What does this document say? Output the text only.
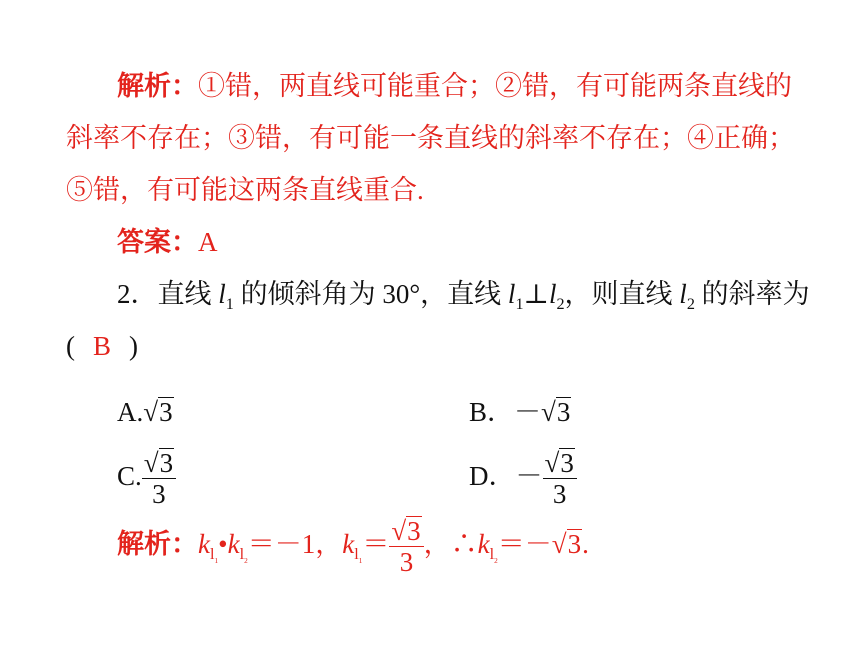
解析：①错，两直线可能重合；②错，有可能两条直线的
斜率不存在；③错，有可能一条直线的斜率不存在；④正确；
⑤错，有可能这两条直线重合.
答案：A
2．直线 $l_1$ 的倾斜角为 30°，直线 $l_1\perp l_2$，则直线 $l_2$ 的斜率为
( B )
A.√3	B．－√3
C. $\frac{√3}{3}$	D．－ $\frac{√3}{3}$
解析：$k_{l_1}•k_{l_2}=-1$，$k_{l_1}= \frac{√3}{3}$ ，$\therefore k_{l_2}=-√3$.
